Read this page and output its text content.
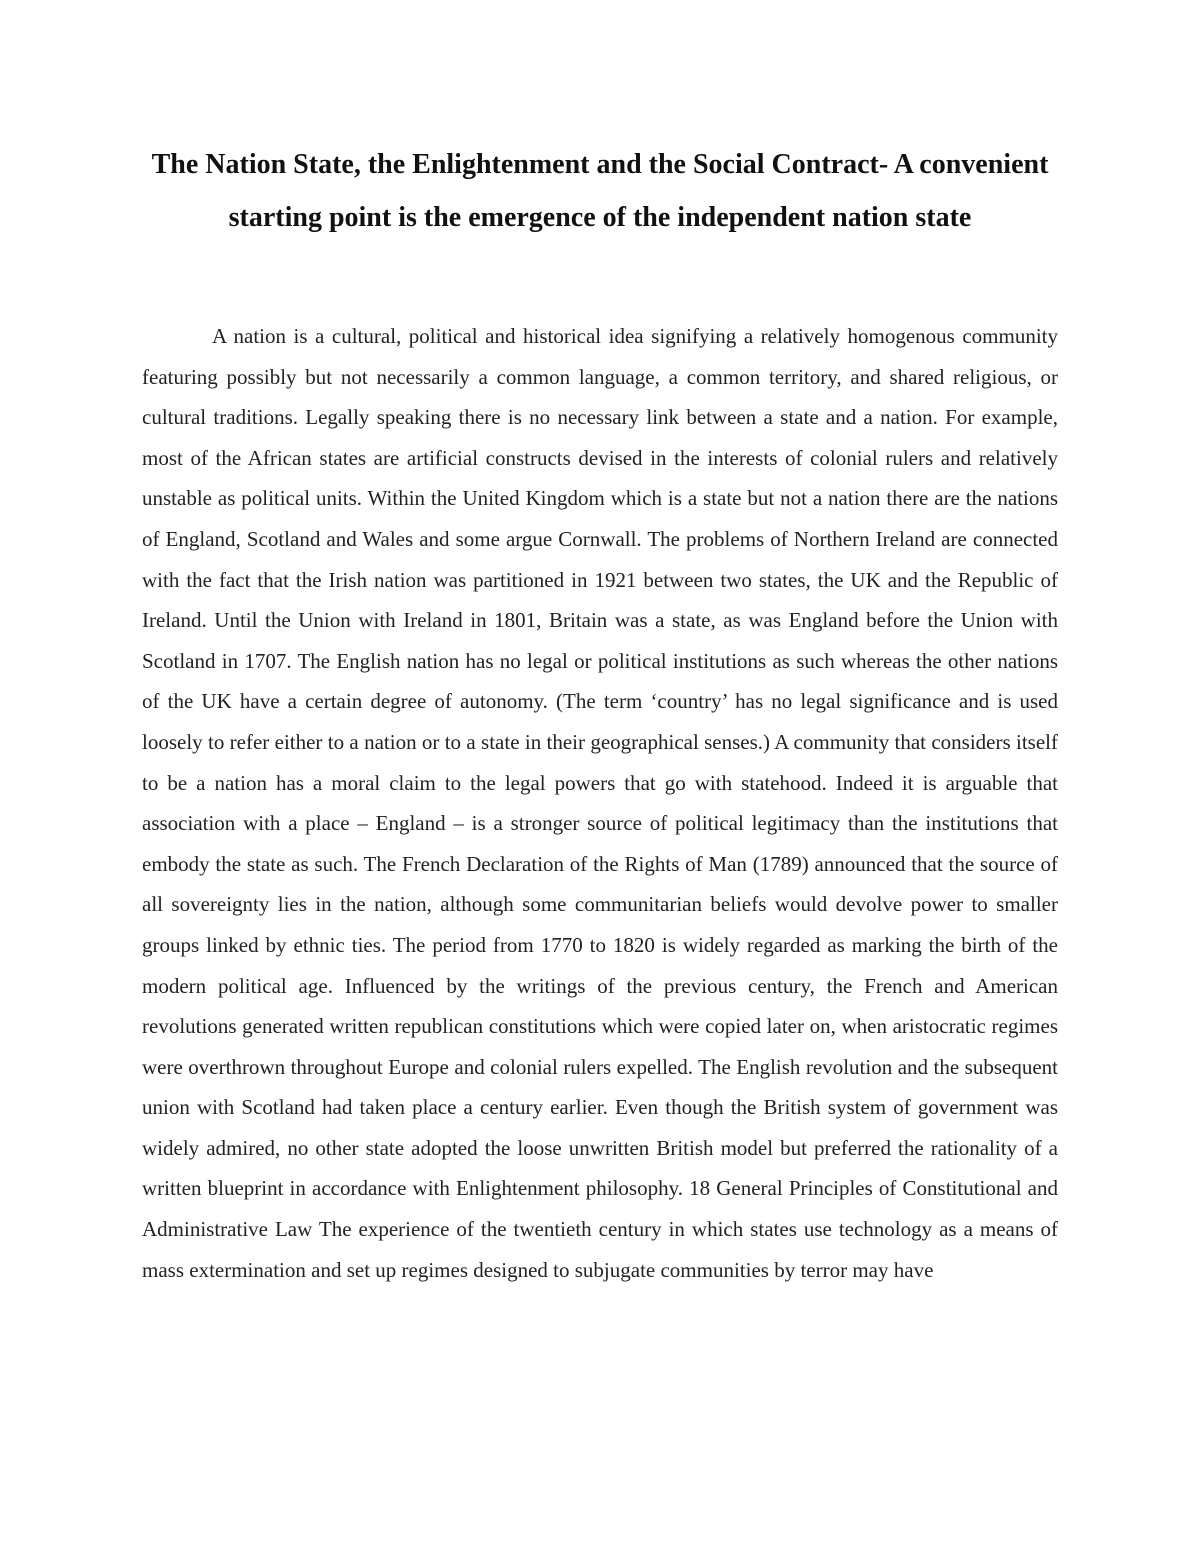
The Nation State, the Enlightenment and the Social Contract- A convenient starting point is the emergence of the independent nation state

A nation is a cultural, political and historical idea signifying a relatively homogenous community featuring possibly but not necessarily a common language, a common territory, and shared religious, or cultural traditions. Legally speaking there is no necessary link between a state and a nation. For example, most of the African states are artificial constructs devised in the interests of colonial rulers and relatively unstable as political units. Within the United Kingdom which is a state but not a nation there are the nations of England, Scotland and Wales and some argue Cornwall. The problems of Northern Ireland are connected with the fact that the Irish nation was partitioned in 1921 between two states, the UK and the Republic of Ireland. Until the Union with Ireland in 1801, Britain was a state, as was England before the Union with Scotland in 1707. The English nation has no legal or political institutions as such whereas the other nations of the UK have a certain degree of autonomy. (The term ‘country’ has no legal significance and is used loosely to refer either to a nation or to a state in their geographical senses.) A community that considers itself to be a nation has a moral claim to the legal powers that go with statehood. Indeed it is arguable that association with a place – England – is a stronger source of political legitimacy than the institutions that embody the state as such. The French Declaration of the Rights of Man (1789) announced that the source of all sovereignty lies in the nation, although some communitarian beliefs would devolve power to smaller groups linked by ethnic ties. The period from 1770 to 1820 is widely regarded as marking the birth of the modern political age. Influenced by the writings of the previous century, the French and American revolutions generated written republican constitutions which were copied later on, when aristocratic regimes were overthrown throughout Europe and colonial rulers expelled. The English revolution and the subsequent union with Scotland had taken place a century earlier. Even though the British system of government was widely admired, no other state adopted the loose unwritten British model but preferred the rationality of a written blueprint in accordance with Enlightenment philosophy. 18 General Principles of Constitutional and Administrative Law The experience of the twentieth century in which states use technology as a means of mass extermination and set up regimes designed to subjugate communities by terror may have
